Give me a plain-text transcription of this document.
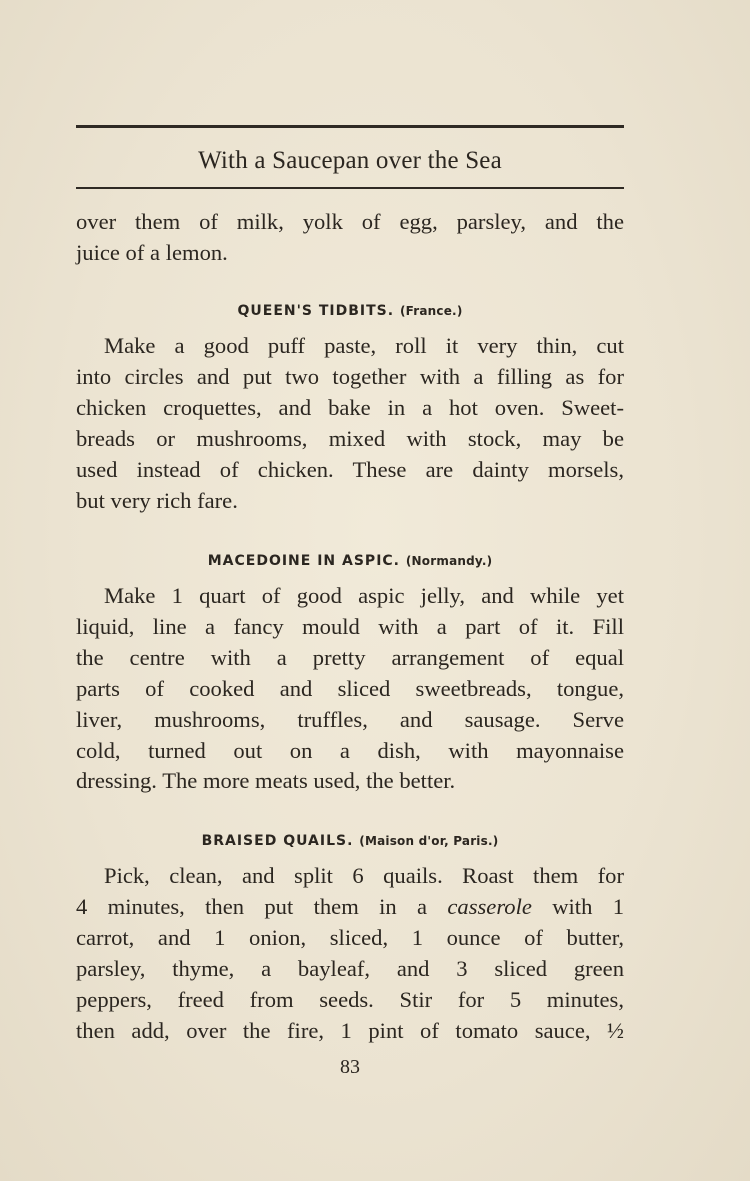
With a Saucepan over the Sea
over them of milk, yolk of egg, parsley, and the
juice of a lemon.
QUEEN'S TIDBITS. (France.)
Make a good puff paste, roll it very thin, cut
into circles and put two together with a filling as for
chicken croquettes, and bake in a hot oven. Sweet-
breads or mushrooms, mixed with stock, may be
used instead of chicken. These are dainty morsels,
but very rich fare.
MACEDOINE IN ASPIC. (Normandy.)
Make 1 quart of good aspic jelly, and while yet
liquid, line a fancy mould with a part of it. Fill
the centre with a pretty arrangement of equal
parts of cooked and sliced sweetbreads, tongue,
liver, mushrooms, truffles, and sausage. Serve
cold, turned out on a dish, with mayonnaise
dressing. The more meats used, the better.
BRAISED QUAILS. (Maison d'or, Paris.)
Pick, clean, and split 6 quails. Roast them for
4 minutes, then put them in a casserole with 1
carrot, and 1 onion, sliced, 1 ounce of butter,
parsley, thyme, a bayleaf, and 3 sliced green
peppers, freed from seeds. Stir for 5 minutes,
then add, over the fire, 1 pint of tomato sauce, ½
83
